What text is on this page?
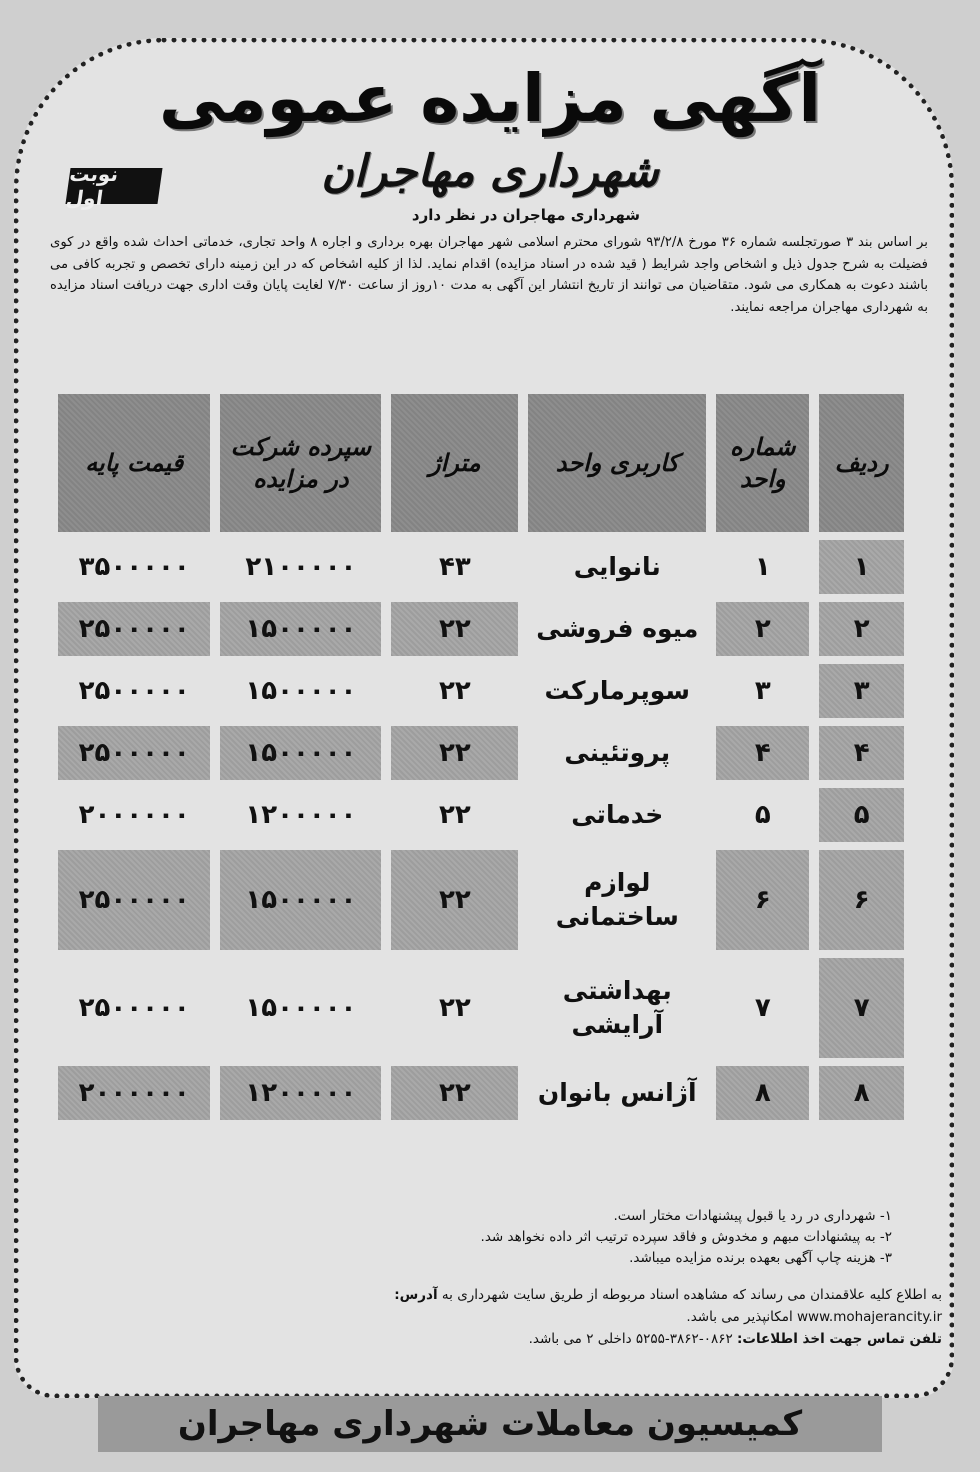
آگهی مزایده عمومی
شهرداری مهاجران
نوبت اول
شهرداری مهاجران در نظر دارد
بر اساس بند ۳ صورتجلسه شماره ۳۶ مورخ ۹۳/۲/۸ شورای محترم اسلامی شهر مهاجران بهره برداری و اجاره ۸ واحد تجاری، خدماتی احداث شده واقع در کوی فضیلت به شرح جدول ذیل و اشخاص واجد شرایط ( قید شده در اسناد مزایده) اقدام نماید. لذا از کلیه اشخاص که در این زمینه دارای تخصص و تجربه کافی می باشند دعوت به همکاری می شود. متقاضیان می توانند از تاریخ انتشار این آگهی به مدت ۱۰روز از ساعت ۷/۳۰ لغایت پایان وقت اداری جهت دریافت اسناد مزایده به شهرداری مهاجران مراجعه نمایند.
ردیف	شماره واحد	کاربری واحد	متراژ	سپرده شرکت در مزایده	قیمت پایه
۱	۱	نانوایی	۴۳	۲۱۰۰۰۰۰	۳۵۰۰۰۰۰
۲	۲	میوه فروشی	۲۲	۱۵۰۰۰۰۰	۲۵۰۰۰۰۰
۳	۳	سوپرمارکت	۲۲	۱۵۰۰۰۰۰	۲۵۰۰۰۰۰
۴	۴	پروتئینی	۲۲	۱۵۰۰۰۰۰	۲۵۰۰۰۰۰
۵	۵	خدماتی	۲۲	۱۲۰۰۰۰۰	۲۰۰۰۰۰۰
۶	۶	لوازم ساختمانی	۲۲	۱۵۰۰۰۰۰	۲۵۰۰۰۰۰
۷	۷	بهداشتی آرایشی	۲۲	۱۵۰۰۰۰۰	۲۵۰۰۰۰۰
۸	۸	آژانس بانوان	۲۲	۱۲۰۰۰۰۰	۲۰۰۰۰۰۰
۱- شهرداری در رد یا قبول پیشنهادات مختار است.
۲- به پیشنهادات مبهم و مخدوش و فاقد سپرده ترتیب اثر داده نخواهد شد.
۳- هزینه چاپ آگهی بعهده برنده مزایده میباشد.
به اطلاع کلیه علاقمندان می رساند که مشاهده اسناد مربوطه از طریق سایت شهرداری به آدرس:
www.mohajerancity.ir امکانپذیر می باشد.
تلفن تماس جهت اخذ اطلاعات: ۰۸۶۲-۳۸۶۲-۵۲۵۵ داخلی ۲ می باشد.
کمیسیون معاملات شهرداری مهاجران
